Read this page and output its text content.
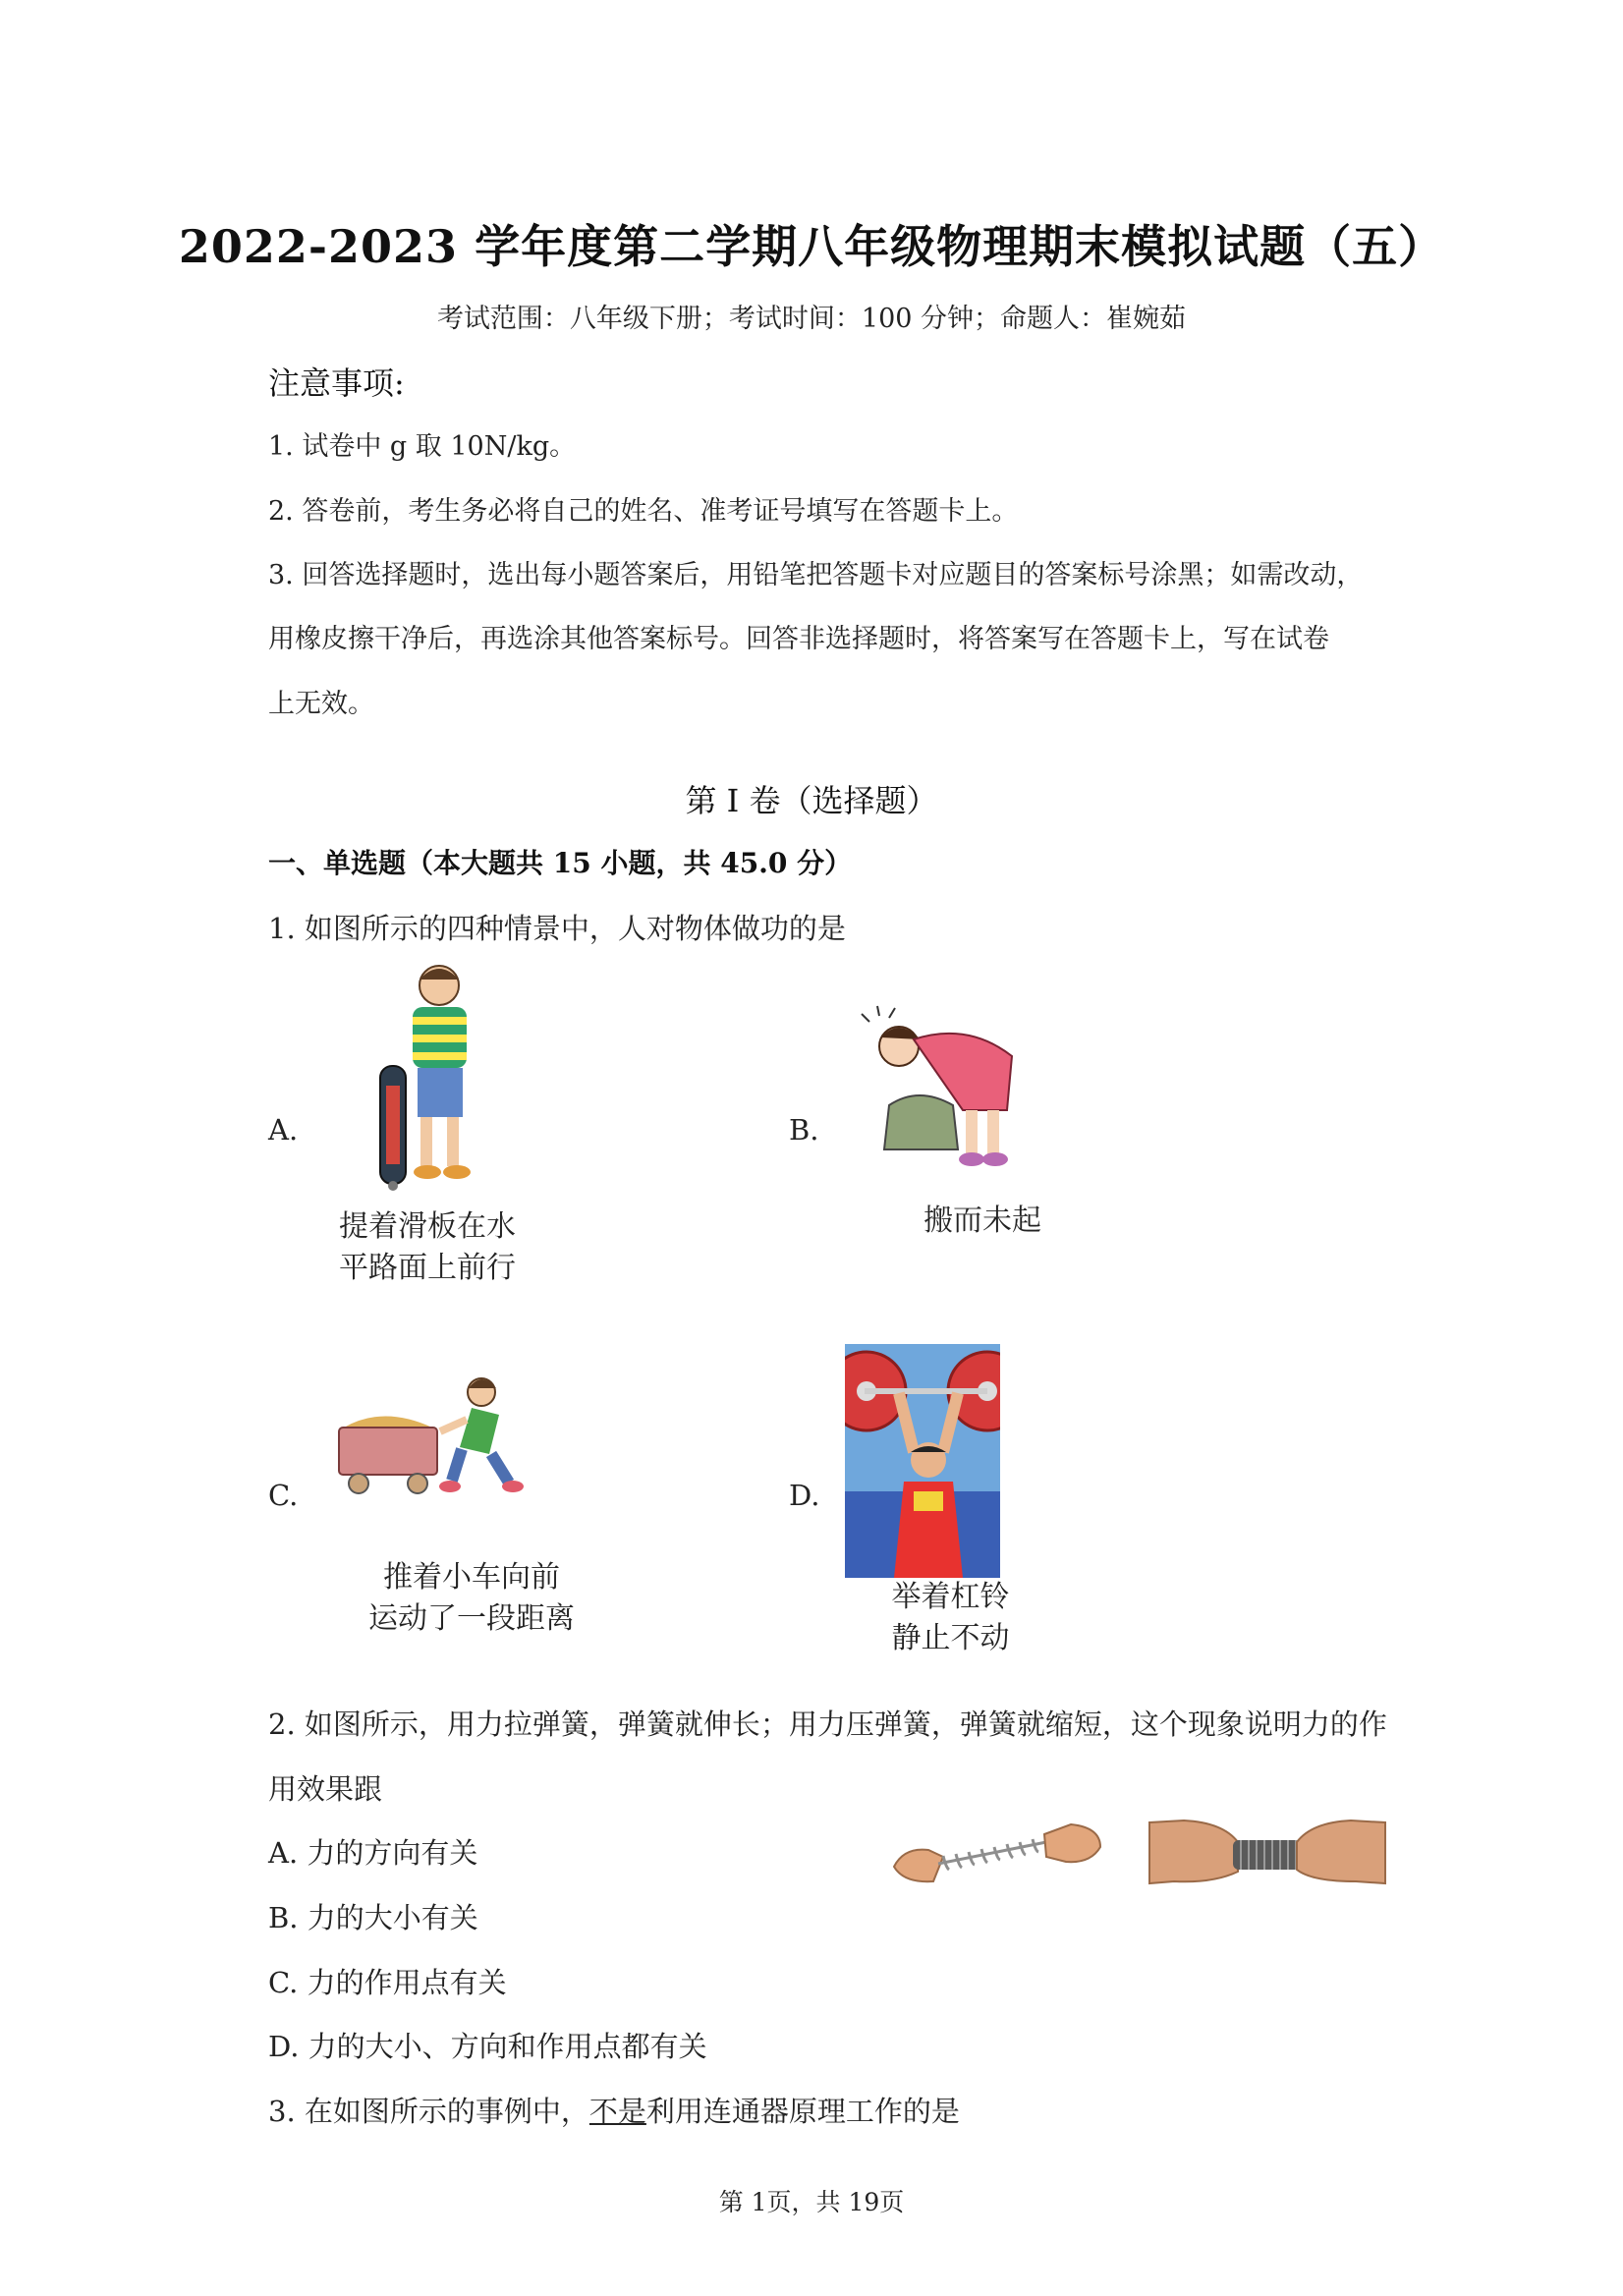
2022-2023 学年度第二学期八年级物理期末模拟试题（五）
考试范围：八年级下册；考试时间：100 分钟；命题人：崔婉茹
注意事项:
1. 试卷中 g 取 10N/kg。
2. 答卷前，考生务必将自己的姓名、准考证号填写在答题卡上。
3. 回答选择题时，选出每小题答案后，用铅笔把答题卡对应题目的答案标号涂黑；如需改动，
用橡皮擦干净后，再选涂其他答案标号。回答非选择题时，将答案写在答题卡上，写在试卷
上无效。
第 I 卷（选择题）
一、单选题（本大题共 15 小题，共 45.0 分）
1. 如图所示的四种情景中，人对物体做功的是
A.
提着滑板在水
平路面上前行
B.
搬而未起
C.
推着小车向前
运动了一段距离
D.
举着杠铃
静止不动
2. 如图所示，用力拉弹簧，弹簧就伸长；用力压弹簧，弹簧就缩短，这个现象说明力的作
用效果跟
A. 力的方向有关
B. 力的大小有关
C. 力的作用点有关
D. 力的大小、方向和作用点都有关
3. 在如图所示的事例中，不是利用连通器原理工作的是
第 1页，共 19页
